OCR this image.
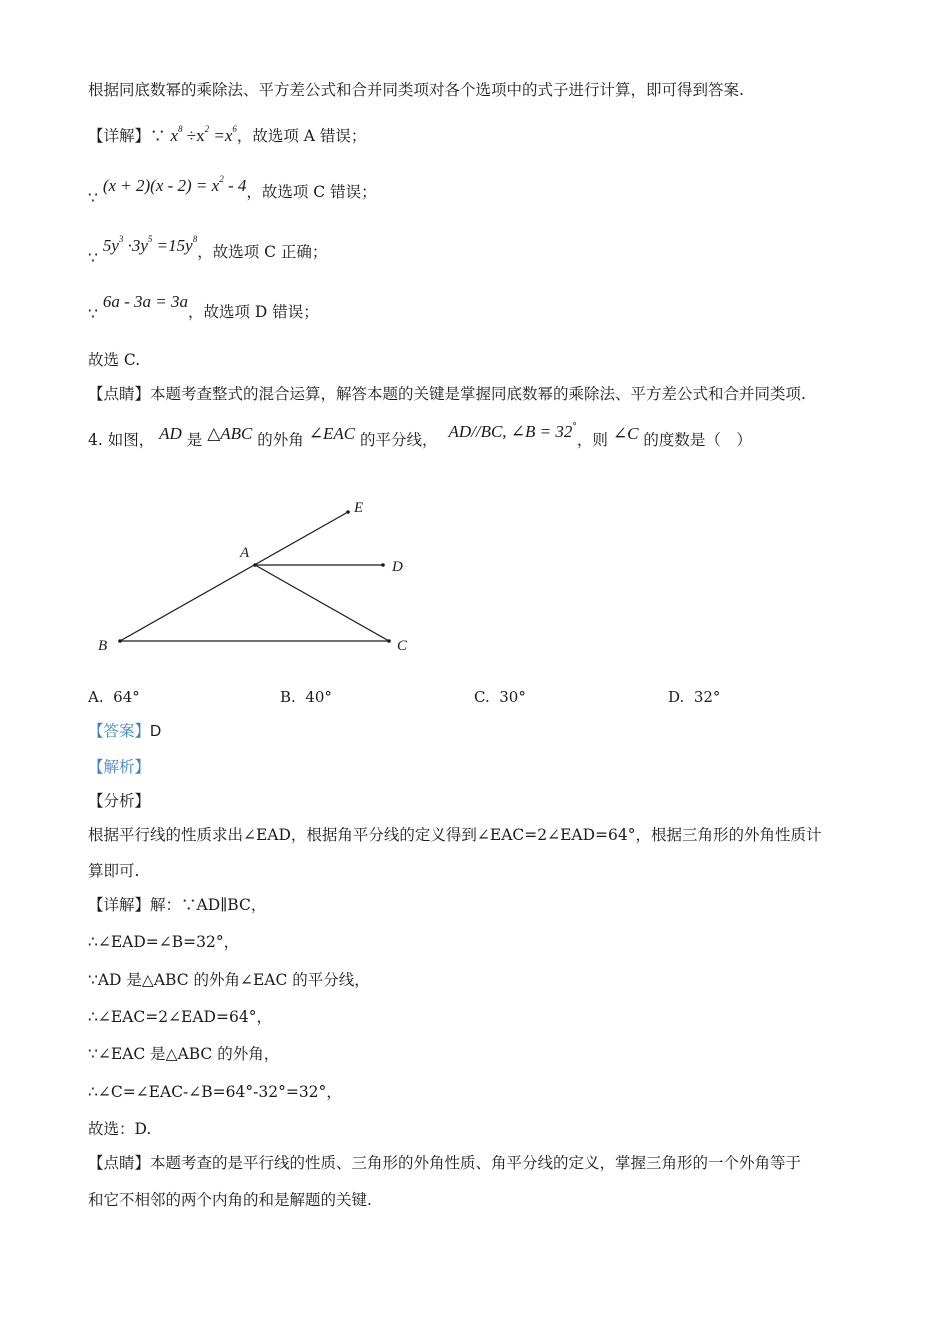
根据同底数幂的乘除法、平方差公式和合并同类项对各个选项中的式子进行计算，即可得到答案.
【详解】∵ $x^8 \div x^2 =x^6$，故选项 A 错误；
∵ $(x + 2)(x - 2) = x^2 - 4$，故选项 C 错误；
∵ $5y^3 \cdot 3y^5 =15y^8$，故选项 C 正确；
∵ 6a - 3a = 3a，故选项 D 错误；
故选 C.
【点睛】本题考查整式的混合运算，解答本题的关键是掌握同底数幂的乘除法、平方差公式和合并同类项.
4. 如图， AD 是 △ABC 的外角 ∠EAC 的平分线， AD//BC, ∠B = 32°，则 ∠C 的度数是（　）
E
A
D
B	C
A. 64°	B. 40°	C. 30°	D. 32°
【答案】D
【解析】
【分析】
根据平行线的性质求出∠EAD，根据角平分线的定义得到∠EAC=2∠EAD=64°，根据三角形的外角性质计
算即可.
【详解】解：∵AD∥BC，
∴∠EAD=∠B=32°，
∵AD 是△ABC 的外角∠EAC 的平分线，
∴∠EAC=2∠EAD=64°，
∵∠EAC 是△ABC 的外角，
∴∠C=∠EAC-∠B=64°-32°=32°，
故选：D.
【点睛】本题考查的是平行线的性质、三角形的外角性质、角平分线的定义，掌握三角形的一个外角等于
和它不相邻的两个内角的和是解题的关键.
